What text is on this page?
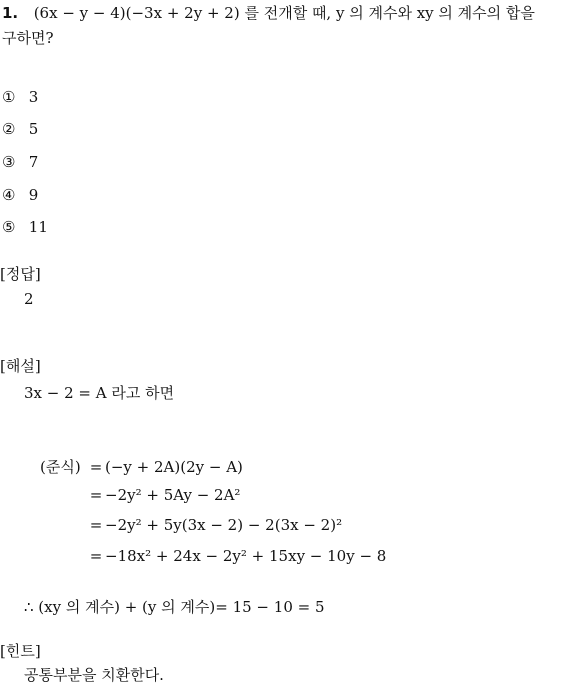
1. (6x − y − 4)(−3x + 2y + 2) 를 전개할 때, y 의 계수와 xy 의 계수의 합을
구하면?
① 3
② 5
③ 7
④ 9
⑤ 11
[정답]
2
[해설]
3x − 2 = A 라고 하면
(준식) = (−y + 2A)(2y − A)
= −2y² + 5Ay − 2A²
= −2y² + 5y(3x − 2) − 2(3x − 2)²
= −18x² + 24x − 2y² + 15xy − 10y − 8
∴ (xy 의 계수) + (y 의 계수)= 15 − 10 = 5
[힌트]
공통부분을 치환한다.
